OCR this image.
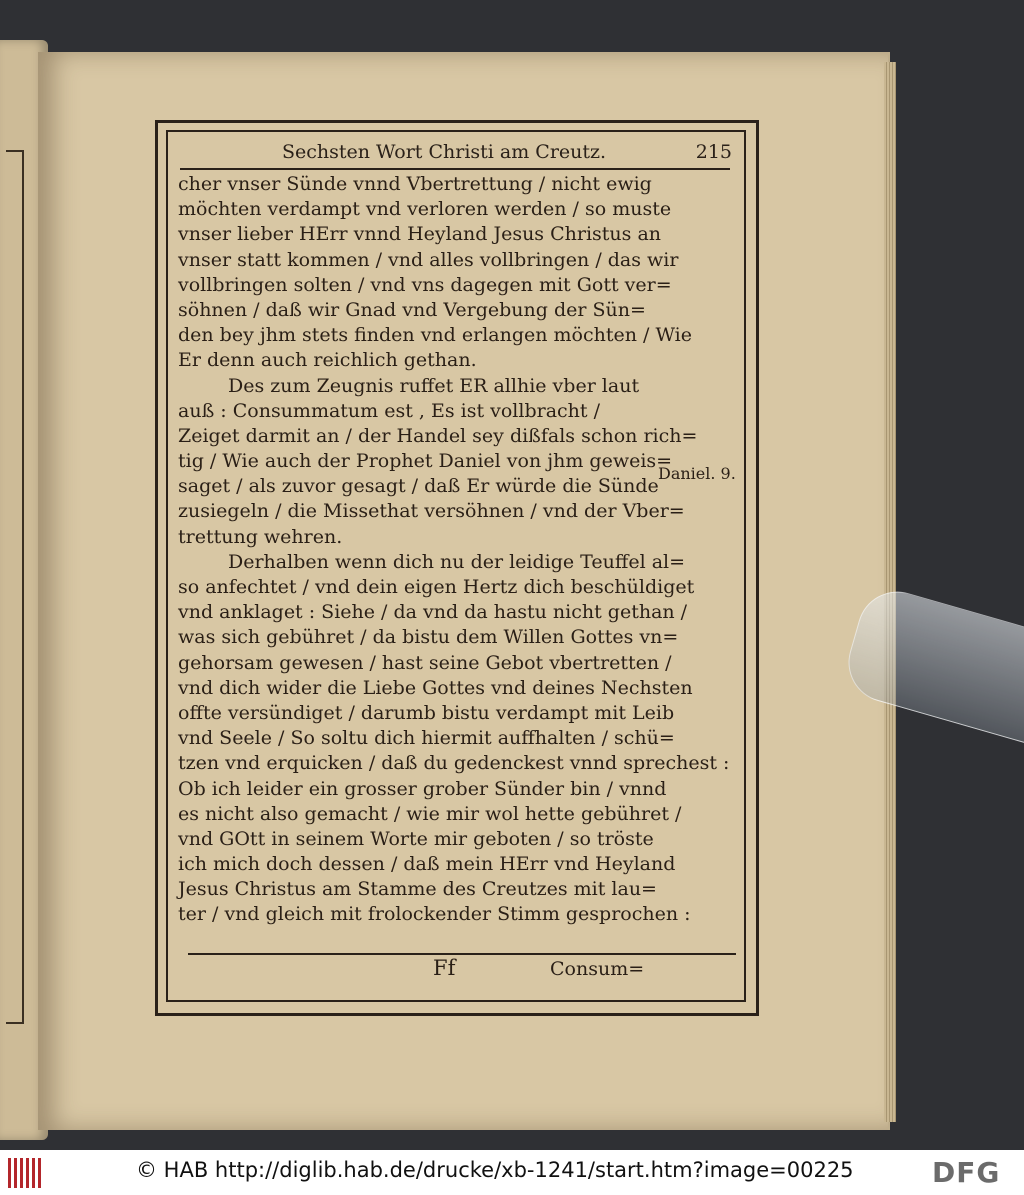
Sechsten Wort Christi am Creutz.	215
cher vnser Sünde vnnd Vbertrettung / nicht ewig
möchten verdampt vnd verloren werden / so muste
vnser lieber HErr vnnd Heyland Jesus Christus an
vnser statt kommen / vnd alles vollbringen / das wir
vollbringen solten / vnd vns dagegen mit Gott ver=
söhnen / daß wir Gnad vnd Vergebung der Sün=
den bey jhm stets finden vnd erlangen möchten / Wie
Er denn auch reichlich gethan.
Des zum Zeugnis ruffet ER allhie vber laut
auß : Consummatum est , Es ist vollbracht /
Zeiget darmit an / der Handel sey dißfals schon rich=
tig / Wie auch der Prophet Daniel von jhm geweis=
saget / als zuvor gesagt / daß Er würde die Sünde
zusiegeln / die Missethat versöhnen / vnd der Vber=
trettung wehren.
Derhalben wenn dich nu der leidige Teuffel al=
so anfechtet / vnd dein eigen Hertz dich beschüldiget
vnd anklaget : Siehe / da vnd da hastu nicht gethan /
was sich gebühret / da bistu dem Willen Gottes vn=
gehorsam gewesen / hast seine Gebot vbertretten /
vnd dich wider die Liebe Gottes vnd deines Nechsten
offte versündiget / darumb bistu verdampt mit Leib
vnd Seele / So soltu dich hiermit auffhalten / schü=
tzen vnd erquicken / daß du gedenckest vnnd sprechest :
Ob ich leider ein grosser grober Sünder bin / vnnd
es nicht also gemacht / wie mir wol hette gebühret /
vnd GOtt in seinem Worte mir geboten / so tröste
ich mich doch dessen / daß mein HErr vnd Heyland
Jesus Christus am Stamme des Creutzes mit lau=
ter / vnd gleich mit frolockender Stimm gesprochen :
Daniel. 9.
Ff	Consum=
© HAB http://diglib.hab.de/drucke/xb-1241/start.htm?image=00225	DFG
